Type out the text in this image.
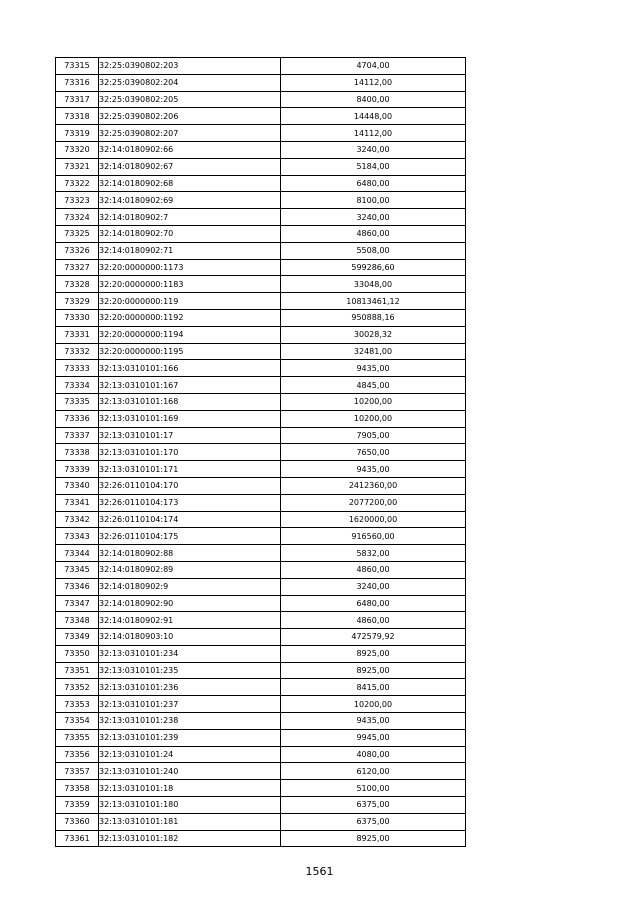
73315	32:25:0390802:203	4704,00
73316	32:25:0390802:204	14112,00
73317	32:25:0390802:205	8400,00
73318	32:25:0390802:206	14448,00
73319	32:25:0390802:207	14112,00
73320	32:14:0180902:66	3240,00
73321	32:14:0180902:67	5184,00
73322	32:14:0180902:68	6480,00
73323	32:14:0180902:69	8100,00
73324	32:14:0180902:7	3240,00
73325	32:14:0180902:70	4860,00
73326	32:14:0180902:71	5508,00
73327	32:20:0000000:1173	599286,60
73328	32:20:0000000:1183	33048,00
73329	32:20:0000000:119	10813461,12
73330	32:20:0000000:1192	950888,16
73331	32:20:0000000:1194	30028,32
73332	32:20:0000000:1195	32481,00
73333	32:13:0310101:166	9435,00
73334	32:13:0310101:167	4845,00
73335	32:13:0310101:168	10200,00
73336	32:13:0310101:169	10200,00
73337	32:13:0310101:17	7905,00
73338	32:13:0310101:170	7650,00
73339	32:13:0310101:171	9435,00
73340	32:26:0110104:170	2412360,00
73341	32:26:0110104:173	2077200,00
73342	32:26:0110104:174	1620000,00
73343	32:26:0110104:175	916560,00
73344	32:14:0180902:88	5832,00
73345	32:14:0180902:89	4860,00
73346	32:14:0180902:9	3240,00
73347	32:14:0180902:90	6480,00
73348	32:14:0180902:91	4860,00
73349	32:14:0180903:10	472579,92
73350	32:13:0310101:234	8925,00
73351	32:13:0310101:235	8925,00
73352	32:13:0310101:236	8415,00
73353	32:13:0310101:237	10200,00
73354	32:13:0310101:238	9435,00
73355	32:13:0310101:239	9945,00
73356	32:13:0310101:24	4080,00
73357	32:13:0310101:240	6120,00
73358	32:13:0310101:18	5100,00
73359	32:13:0310101:180	6375,00
73360	32:13:0310101:181	6375,00
73361	32:13:0310101:182	8925,00
1561
